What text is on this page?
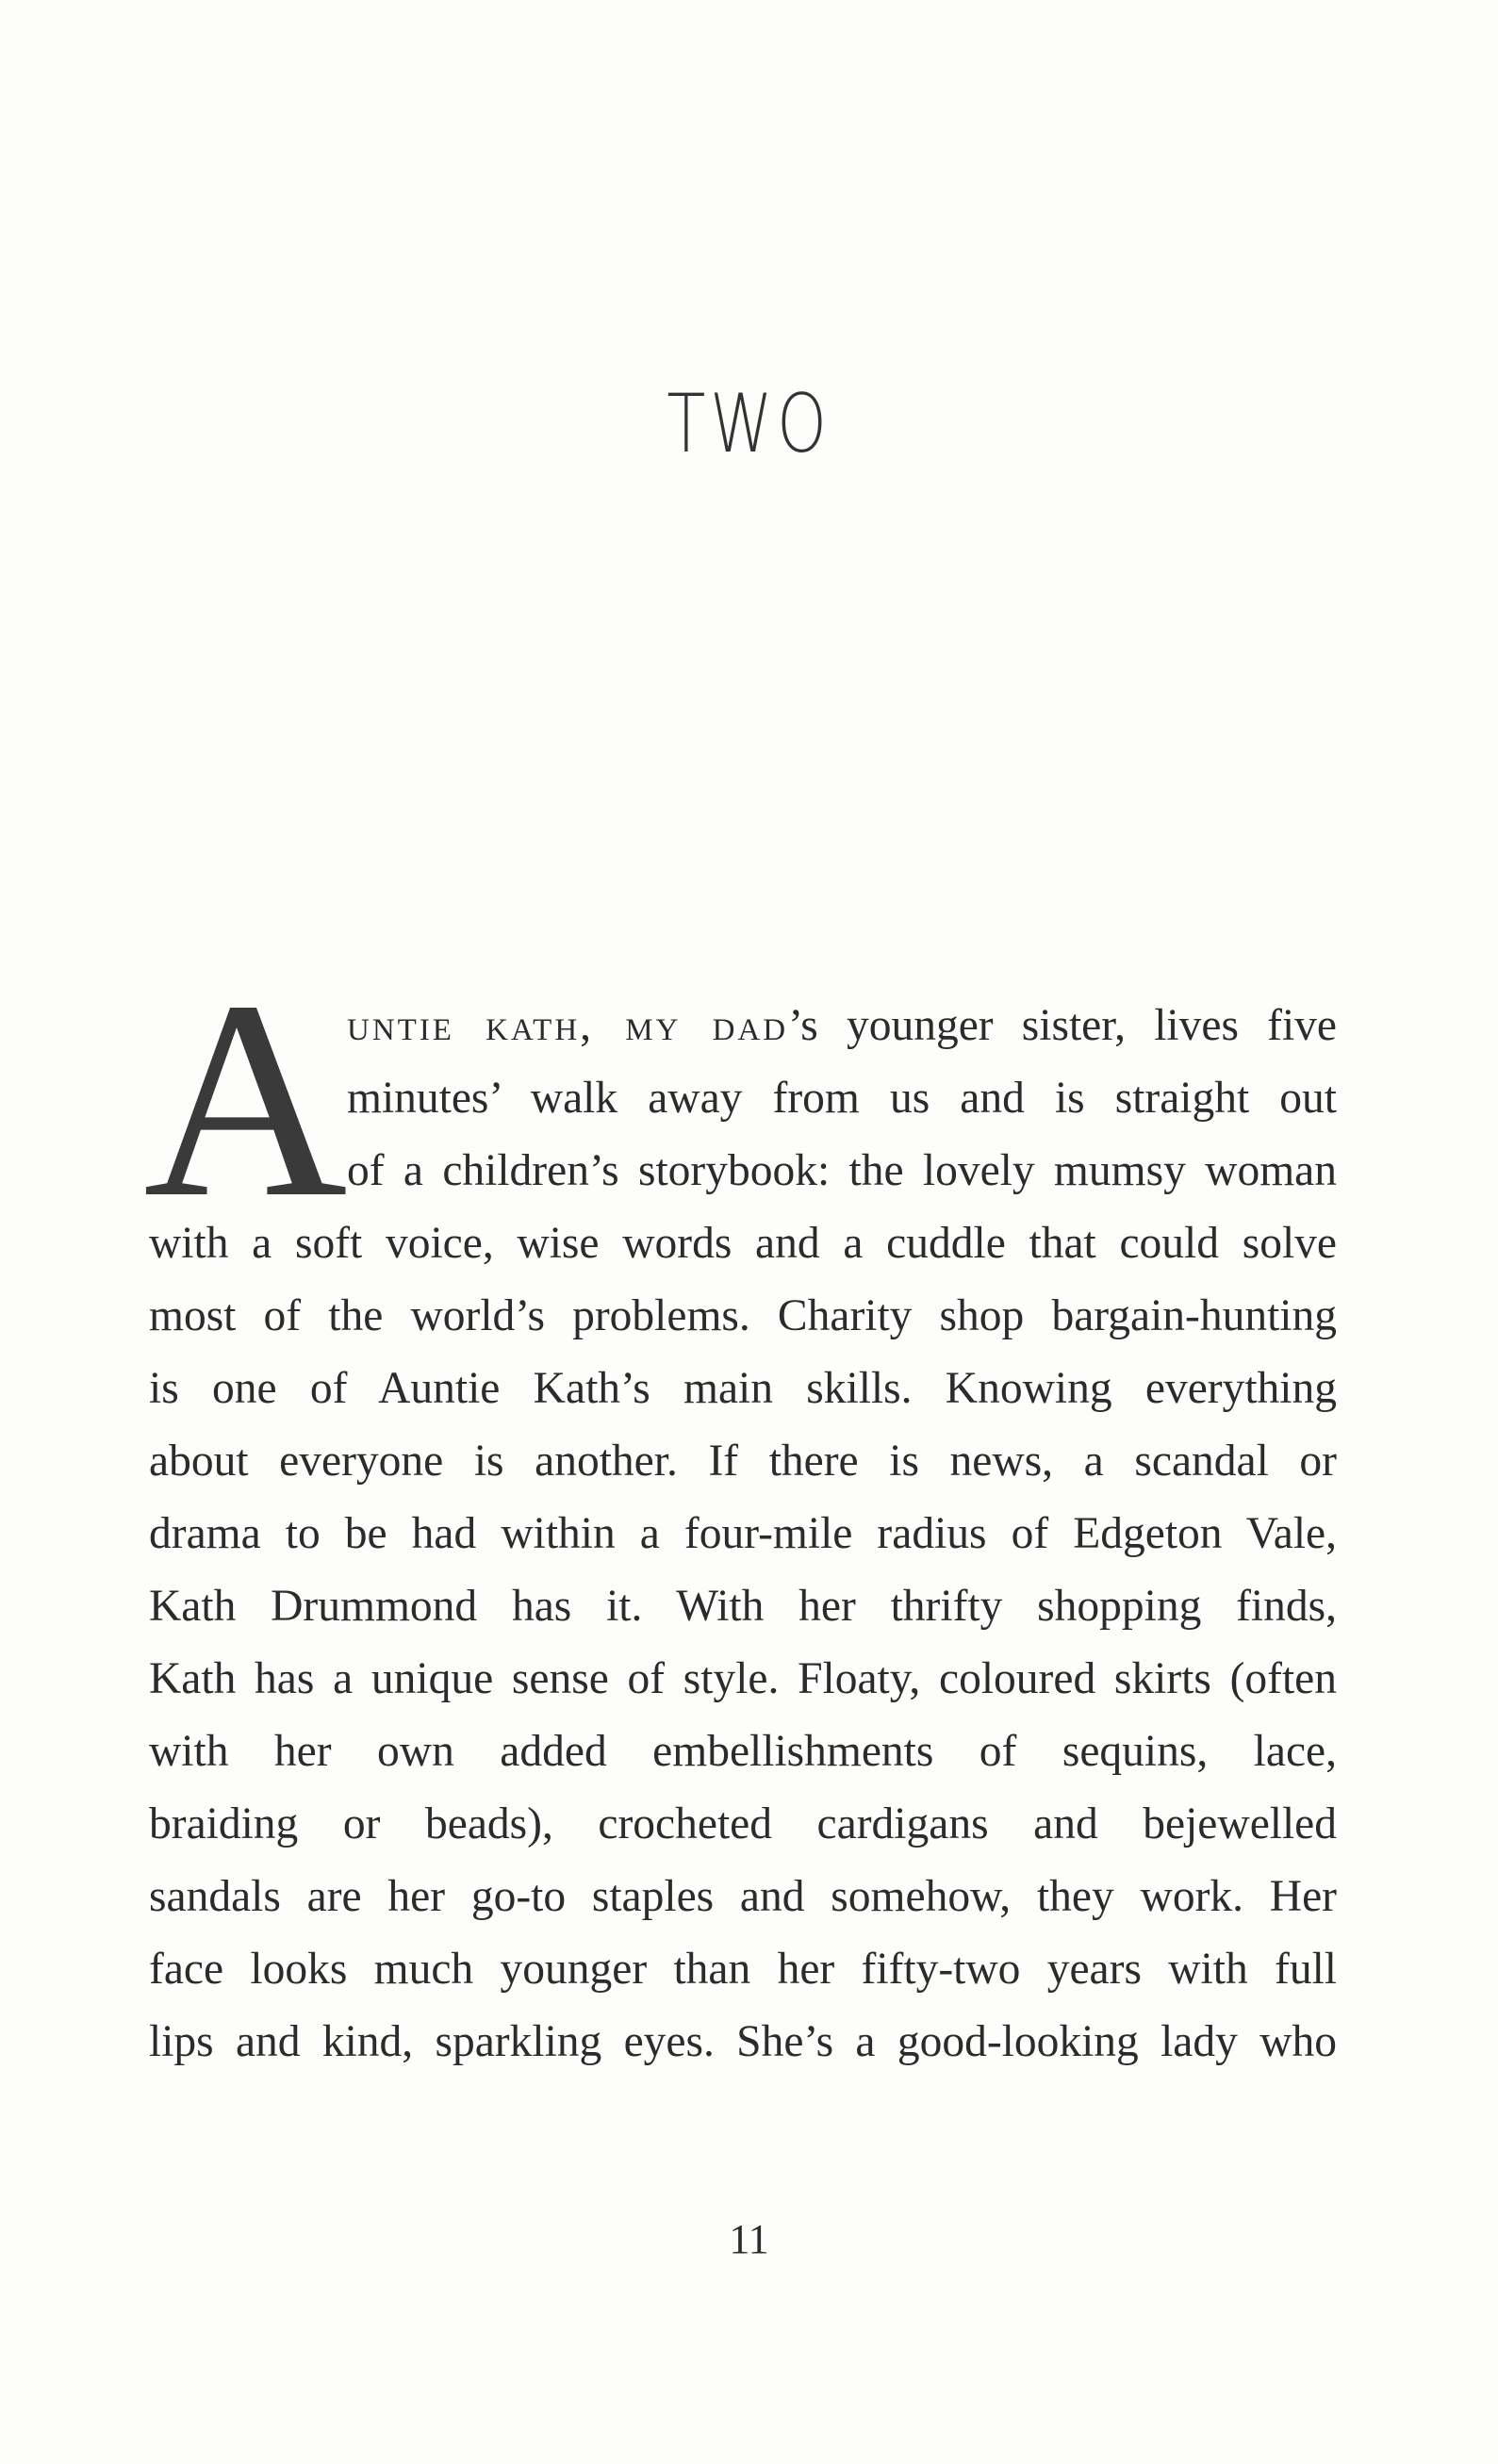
TWO
A untie kath, my dad’s younger sister, lives five
minutes’ walk away from us and is straight out
of a children’s storybook: the lovely mumsy woman
with a soft voice, wise words and a cuddle that could solve
most of the world’s problems. Charity shop bargain-hunting
is one of Auntie Kath’s main skills. Knowing everything
about everyone is another. If there is news, a scandal or
drama to be had within a four-mile radius of Edgeton Vale,
Kath Drummond has it. With her thrifty shopping finds,
Kath has a unique sense of style. Floaty, coloured skirts (often
with her own added embellishments of sequins, lace,
braiding or beads), crocheted cardigans and bejewelled
sandals are her go-to staples and somehow, they work. Her
face looks much younger than her fifty-two years with full
lips and kind, sparkling eyes. She’s a good-looking lady who
11
